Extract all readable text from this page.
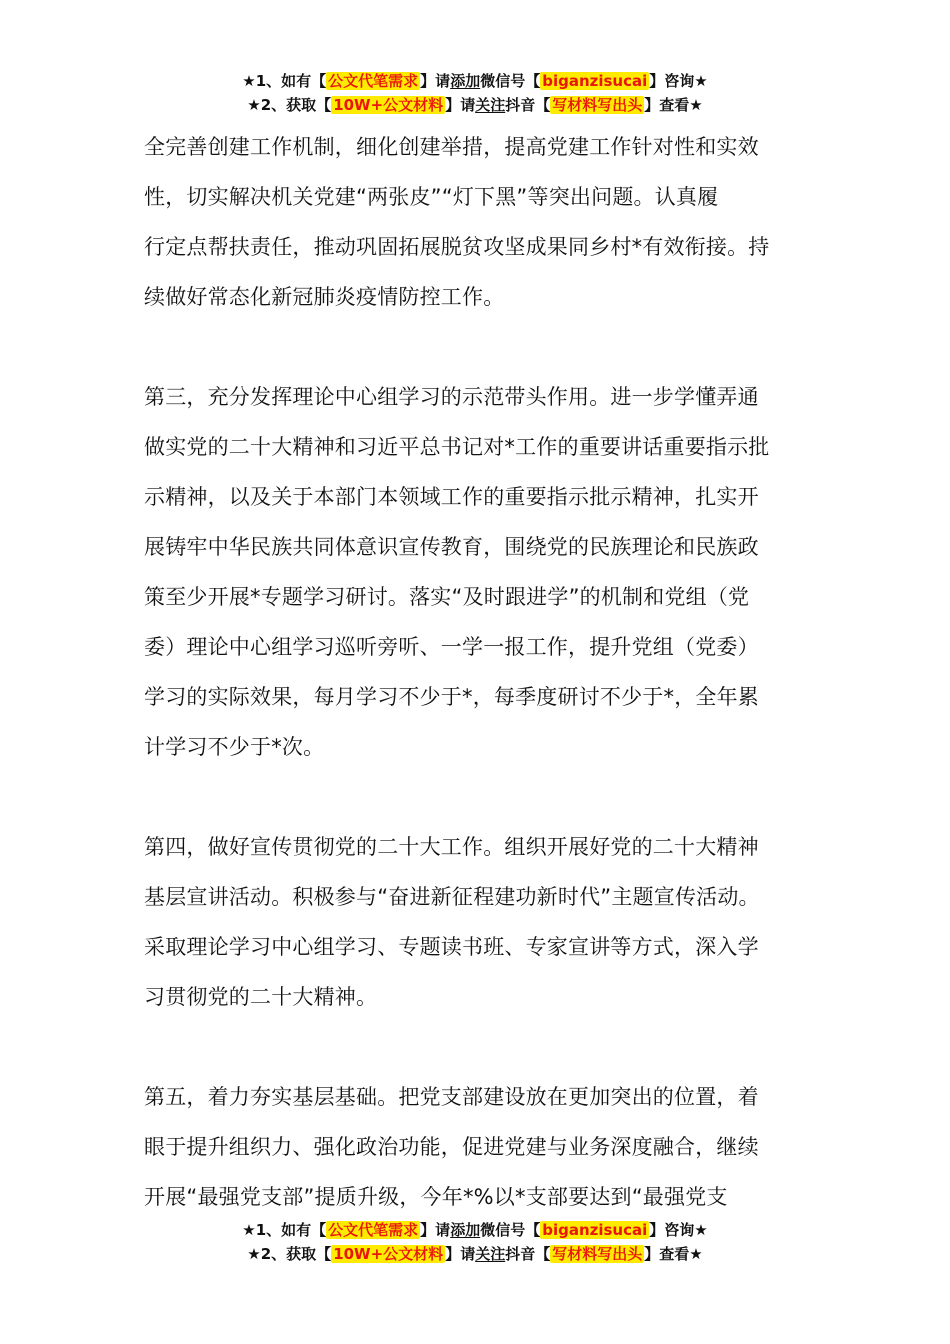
★1、如有【 公文代笔需求 】请添加微信号【 biganzisucai 】咨询★
★2、获取【 10W+公文材料 】请关注抖音【 写材料写出头 】查看★

全完善创建工作机制，细化创建举措，提高党建工作针对性和实效
性，切实解决机关党建“两张皮”“灯下黑”等突出问题。认真履
行定点帮扶责任，推动巩固拓展脱贫攻坚成果同乡村*有效衔接。持
续做好常态化新冠肺炎疫情防控工作。

第三，充分发挥理论中心组学习的示范带头作用。进一步学懂弄通
做实党的二十大精神和习近平总书记对*工作的重要讲话重要指示批
示精神，以及关于本部门本领域工作的重要指示批示精神，扎实开
展铸牢中华民族共同体意识宣传教育，围绕党的民族理论和民族政
策至少开展*专题学习研讨。落实“及时跟进学”的机制和党组（党
委）理论中心组学习巡听旁听、一学一报工作，提升党组（党委）
学习的实际效果，每月学习不少于*，每季度研讨不少于*，全年累
计学习不少于*次。

第四，做好宣传贯彻党的二十大工作。组织开展好党的二十大精神
基层宣讲活动。积极参与“奋进新征程建功新时代”主题宣传活动。
采取理论学习中心组学习、专题读书班、专家宣讲等方式，深入学
习贯彻党的二十大精神。

第五，着力夯实基层基础。把党支部建设放在更加突出的位置，着
眼于提升组织力、强化政治功能，促进党建与业务深度融合，继续
开展“最强党支部”提质升级，今年*%以*支部要达到“最强党支

★1、如有【 公文代笔需求 】请添加微信号【 biganzisucai 】咨询★
★2、获取【 10W+公文材料 】请关注抖音【 写材料写出头 】查看★
